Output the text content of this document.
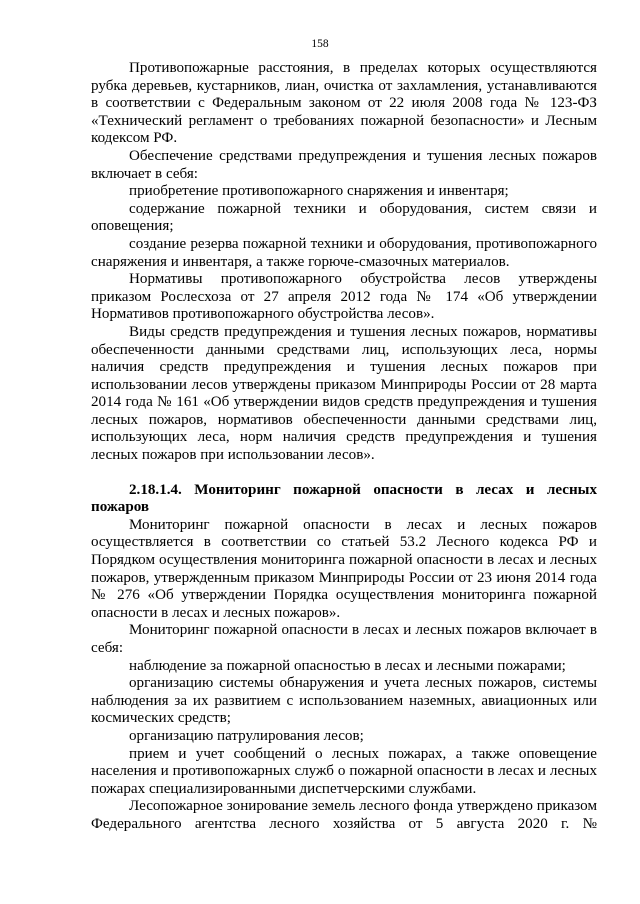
158

Противопожарные расстояния, в пределах которых осуществляются рубка деревьев, кустарников, лиан, очистка от захламления, устанавливаются в соответствии с Федеральным законом от 22 июля 2008 года № 123-ФЗ «Технический регламент о требованиях пожарной безопасности» и Лесным кодексом РФ.

Обеспечение средствами предупреждения и тушения лесных пожаров включает в себя:

приобретение противопожарного снаряжения и инвентаря;

содержание пожарной техники и оборудования, систем связи и оповещения;

создание резерва пожарной техники и оборудования, противопожарного снаряжения и инвентаря, а также горюче-смазочных материалов.

Нормативы противопожарного обустройства лесов утверждены приказом Рослесхоза от 27 апреля 2012 года № 174 «Об утверждении Нормативов противопожарного обустройства лесов».

Виды средств предупреждения и тушения лесных пожаров, нормативы обеспеченности данными средствами лиц, использующих леса, нормы наличия средств предупреждения и тушения лесных пожаров при использовании лесов утверждены приказом Минприроды России от 28 марта 2014 года № 161 «Об утверждении видов средств предупреждения и тушения лесных пожаров, нормативов обеспеченности данными средствами лиц, использующих леса, норм наличия средств предупреждения и тушения лесных пожаров при использовании лесов».

2.18.1.4. Мониторинг пожарной опасности в лесах и лесных пожаров

Мониторинг пожарной опасности в лесах и лесных пожаров осуществляется в соответствии со статьей 53.2 Лесного кодекса РФ и Порядком осуществления мониторинга пожарной опасности в лесах и лесных пожаров, утвержденным приказом Минприроды России от 23 июня 2014 года № 276 «Об утверждении Порядка осуществления мониторинга пожарной опасности в лесах и лесных пожаров».

Мониторинг пожарной опасности в лесах и лесных пожаров включает в себя:

наблюдение за пожарной опасностью в лесах и лесными пожарами;

организацию системы обнаружения и учета лесных пожаров, системы наблюдения за их развитием с использованием наземных, авиационных или космических средств;

организацию патрулирования лесов;

прием и учет сообщений о лесных пожарах, а также оповещение населения и противопожарных служб о пожарной опасности в лесах и лесных пожарах специализированными диспетчерскими службами.

Лесопожарное зонирование земель лесного фонда утверждено приказом Федерального агентства лесного хозяйства от 5 августа 2020 г. №
